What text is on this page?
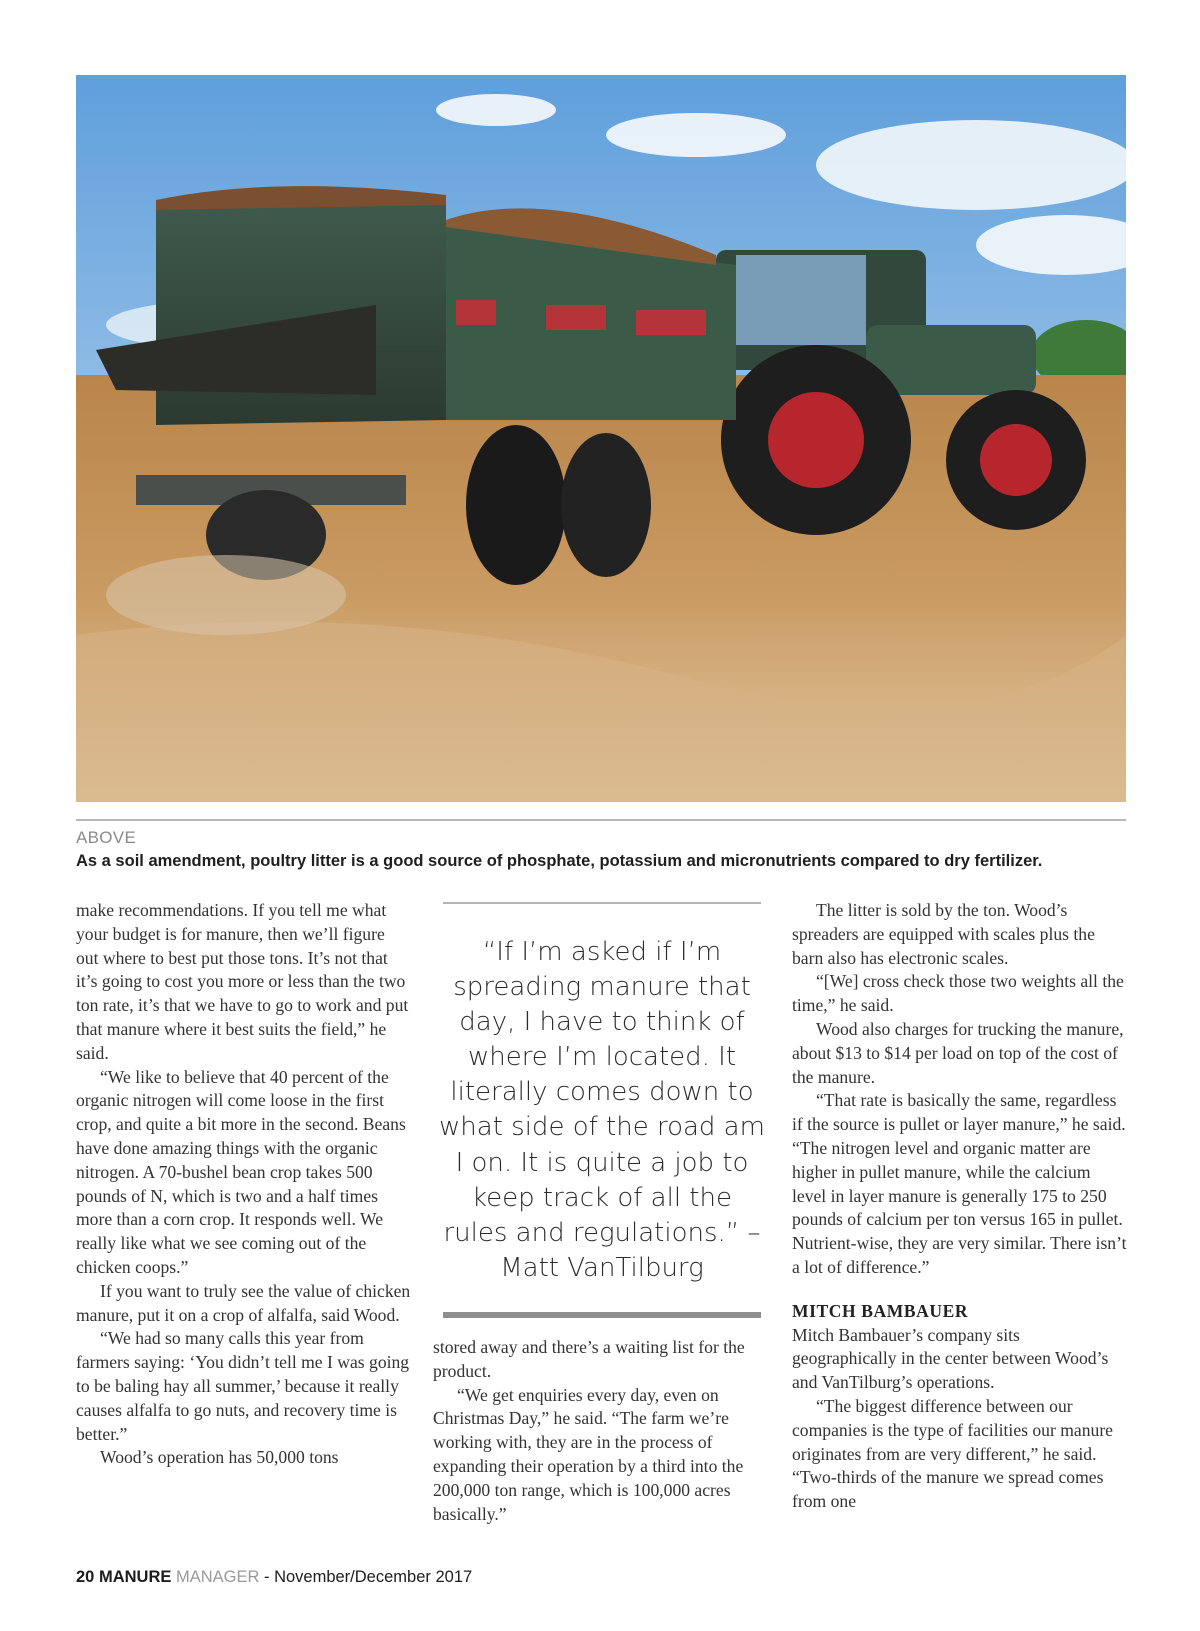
ABOVE
As a soil amendment, poultry litter is a good source of phosphate, potassium and micronutrients compared to dry fertilizer.

make recommendations. If you tell me what your budget is for manure, then we’ll figure out where to best put those tons. It’s not that it’s going to cost you more or less than the two ton rate, it’s that we have to go to work and put that manure where it best suits the field,” he said.

“We like to believe that 40 percent of the organic nitrogen will come loose in the first crop, and quite a bit more in the second. Beans have done amazing things with the organic nitrogen. A 70-bushel bean crop takes 500 pounds of N, which is two and a half times more than a corn crop. It responds well. We really like what we see coming out of the chicken coops.”

If you want to truly see the value of chicken manure, put it on a crop of alfalfa, said Wood.

“We had so many calls this year from farmers saying: ‘You didn’t tell me I was going to be baling hay all summer,’ because it really causes alfalfa to go nuts, and recovery time is better.”

Wood’s operation has 50,000 tons

“If I’m asked if I’m spreading manure that day, I have to think of where I’m located. It literally comes down to what side of the road am I on. It is quite a job to keep track of all the rules and regulations.” – Matt VanTilburg

stored away and there’s a waiting list for the product.

“We get enquiries every day, even on Christmas Day,” he said. “The farm we’re working with, they are in the process of expanding their operation by a third into the 200,000 ton range, which is 100,000 acres basically.”

The litter is sold by the ton. Wood’s spreaders are equipped with scales plus the barn also has electronic scales.

“[We] cross check those two weights all the time,” he said.

Wood also charges for trucking the manure, about $13 to $14 per load on top of the cost of the manure.

“That rate is basically the same, regardless if the source is pullet or layer manure,” he said. “The nitrogen level and organic matter are higher in pullet manure, while the calcium level in layer manure is generally 175 to 250 pounds of calcium per ton versus 165 in pullet. Nutrient-wise, they are very similar. There isn’t a lot of difference.”

MITCH BAMBAUER

Mitch Bambauer’s company sits geographically in the center between Wood’s and VanTilburg’s operations.

“The biggest difference between our companies is the type of facilities our manure originates from are very different,” he said. “Two-thirds of the manure we spread comes from one

20 MANURE MANAGER - November/December 2017
